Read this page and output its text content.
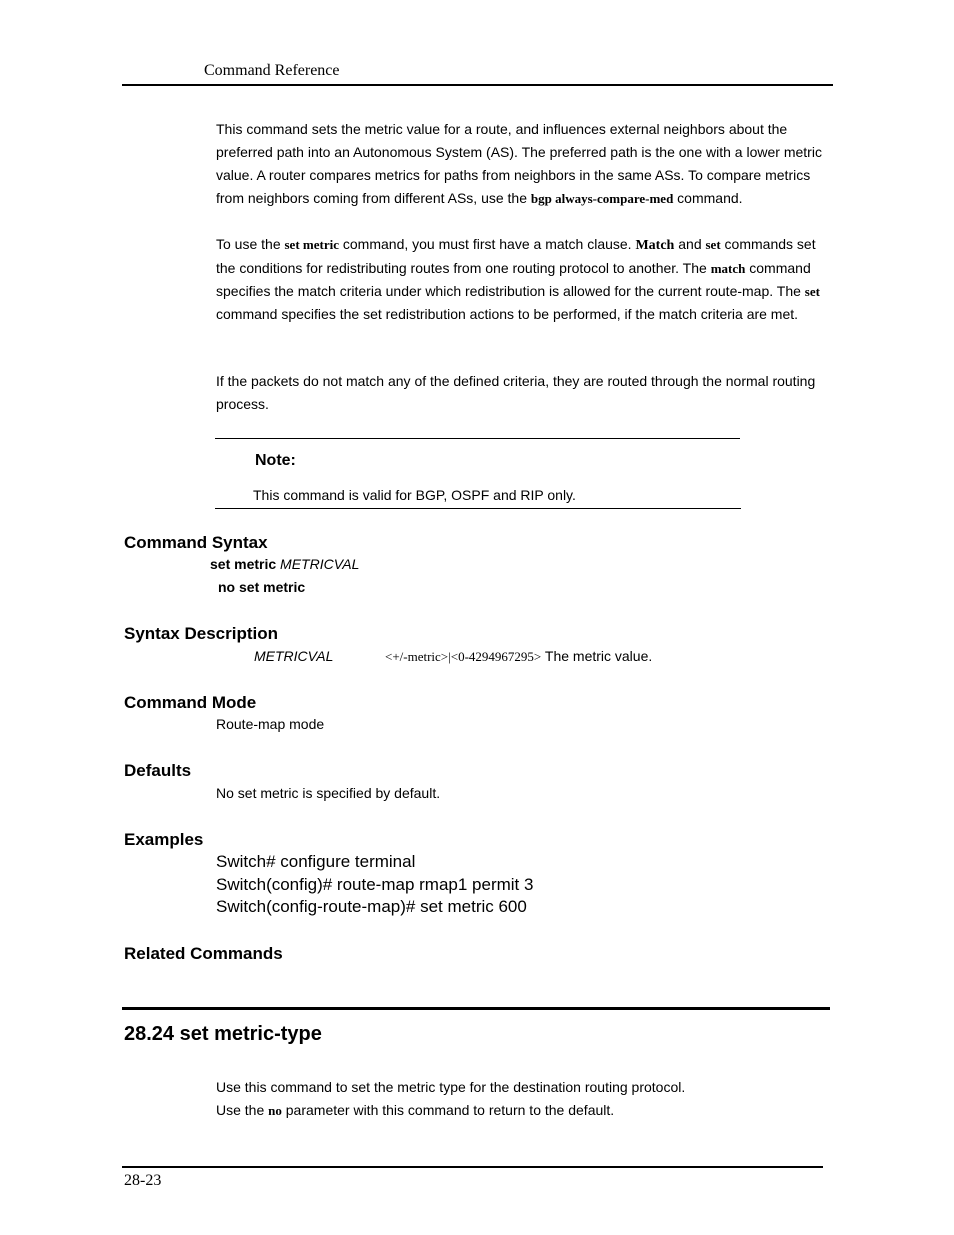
Command Reference

This command sets the metric value for a route, and influences external neighbors about the preferred path into an Autonomous System (AS). The preferred path is the one with a lower metric value. A router compares metrics for paths from neighbors in the same ASs. To compare metrics from neighbors coming from different ASs, use the bgp always-compare-med command.

To use the set metric command, you must first have a match clause. Match and set commands set the conditions for redistributing routes from one routing protocol to another. The match command specifies the match criteria under which redistribution is allowed for the current route-map. The set command specifies the set redistribution actions to be performed, if the match criteria are met.

If the packets do not match any of the defined criteria, they are routed through the normal routing process.

Note:
This command is valid for BGP, OSPF and RIP only.
Command Syntax
set metric METRICVAL
no set metric
Syntax Description
METRICVAL	<+/-metric>|<0-4294967295> The metric value.
Command Mode
Route-map mode
Defaults
No set metric is specified by default.
Examples
Switch# configure terminal
Switch(config)# route-map rmap1 permit 3
Switch(config-route-map)# set metric 600
Related Commands
28.24 set metric-type
Use this command to set the metric type for the destination routing protocol.
Use the no parameter with this command to return to the default.
28-23
